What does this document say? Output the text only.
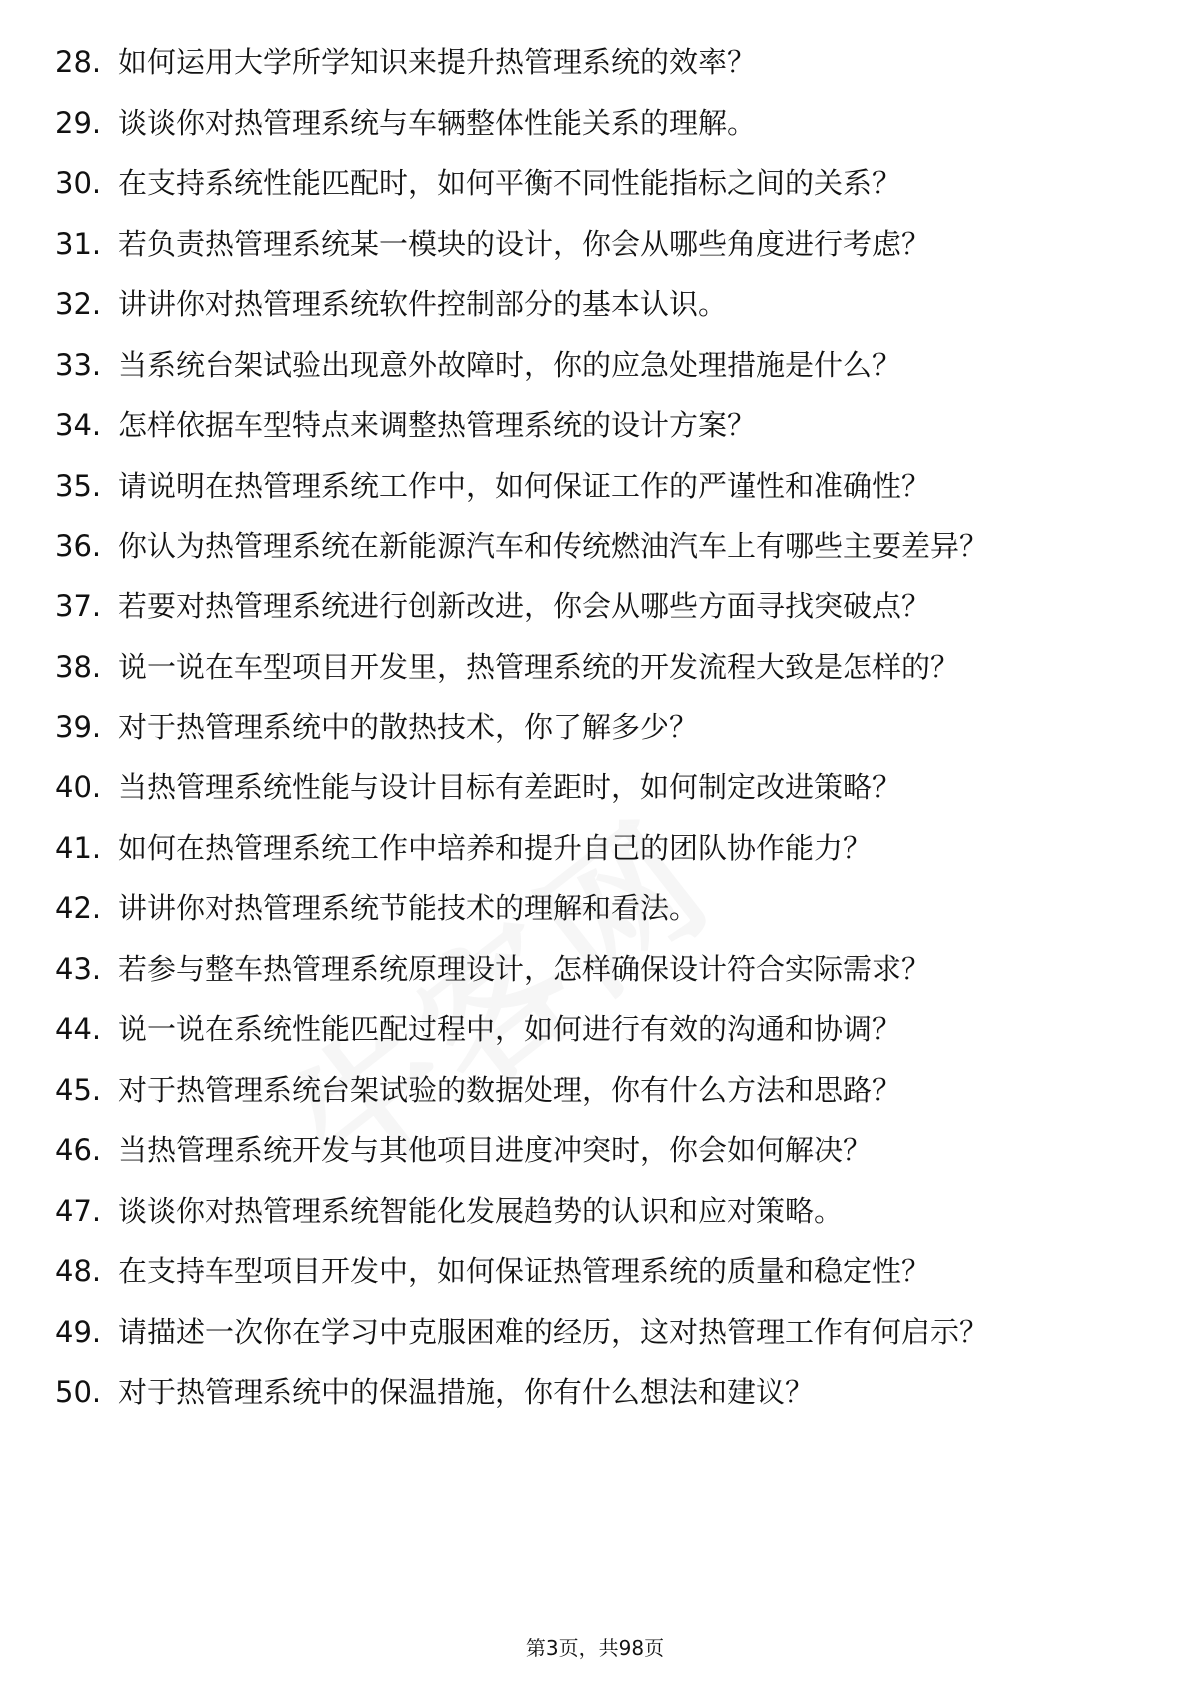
28. 如何运用大学所学知识来提升热管理系统的效率？
29. 谈谈你对热管理系统与车辆整体性能关系的理解。
30. 在支持系统性能匹配时，如何平衡不同性能指标之间的关系？
31. 若负责热管理系统某一模块的设计，你会从哪些角度进行考虑？
32. 讲讲你对热管理系统软件控制部分的基本认识。
33. 当系统台架试验出现意外故障时，你的应急处理措施是什么？
34. 怎样依据车型特点来调整热管理系统的设计方案？
35. 请说明在热管理系统工作中，如何保证工作的严谨性和准确性？
36. 你认为热管理系统在新能源汽车和传统燃油汽车上有哪些主要差异？
37. 若要对热管理系统进行创新改进，你会从哪些方面寻找突破点？
38. 说一说在车型项目开发里，热管理系统的开发流程大致是怎样的？
39. 对于热管理系统中的散热技术，你了解多少？
40. 当热管理系统性能与设计目标有差距时，如何制定改进策略？
41. 如何在热管理系统工作中培养和提升自己的团队协作能力？
42. 讲讲你对热管理系统节能技术的理解和看法。
43. 若参与整车热管理系统原理设计，怎样确保设计符合实际需求？
44. 说一说在系统性能匹配过程中，如何进行有效的沟通和协调？
45. 对于热管理系统台架试验的数据处理，你有什么方法和思路？
46. 当热管理系统开发与其他项目进度冲突时，你会如何解决？
47. 谈谈你对热管理系统智能化发展趋势的认识和应对策略。
48. 在支持车型项目开发中，如何保证热管理系统的质量和稳定性？
49. 请描述一次你在学习中克服困难的经历，这对热管理工作有何启示？
50. 对于热管理系统中的保温措施，你有什么想法和建议？
第3页，共98页
